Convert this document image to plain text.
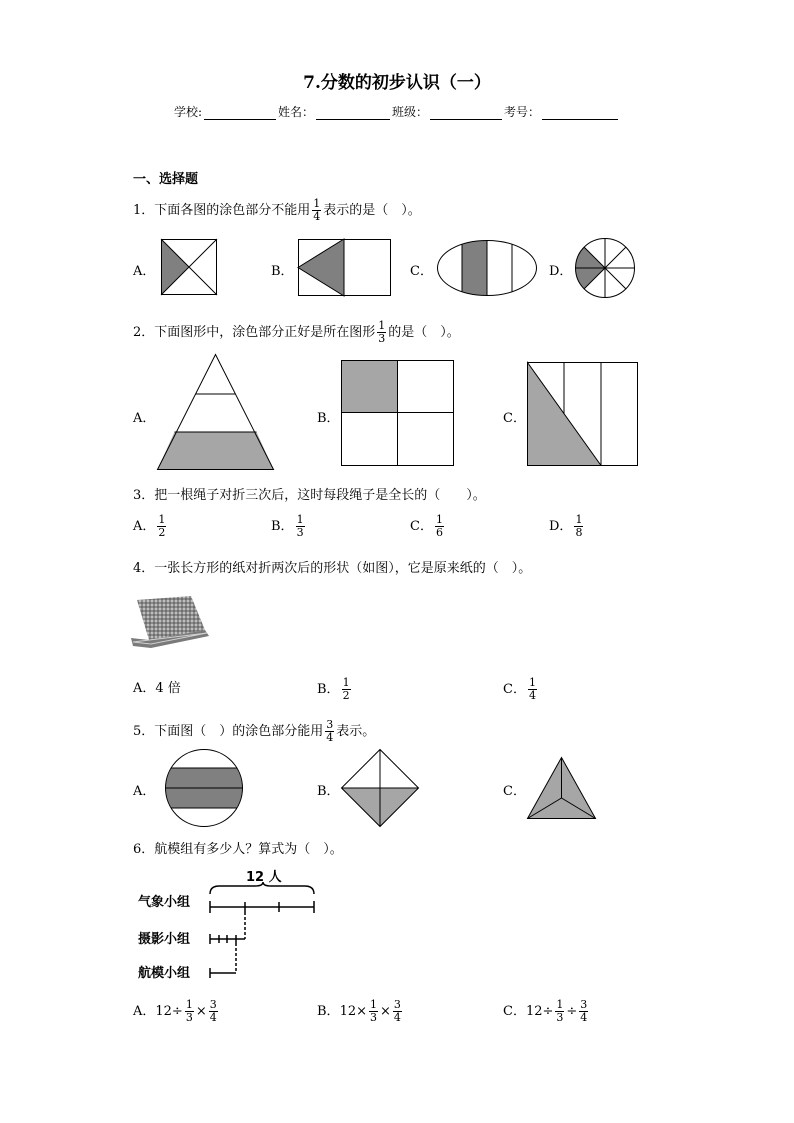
7.分数的初步认识（一）
学校:	姓名：	班级：	考号：
一、选择题
1．下面各图的涂色部分不能用 $\frac{1}{4}$ 表示的是（　）。
A．	B．	C．	D．
2．下面图形中，涂色部分正好是所在图形 $\frac{1}{3}$ 的是（　）。
A．	B．	C．
3．把一根绳子对折三次后，这时每段绳子是全长的（　　）。
A． $\frac{1}{2}$	B． $\frac{1}{3}$	C． $\frac{1}{6}$	D． $\frac{1}{8}$
4．一张长方形的纸对折两次后的形状（如图），它是原来纸的（　）。
A．4 倍	B． $\frac{1}{2}$	C． $\frac{1}{4}$
5．下面图（　）的涂色部分能用 $\frac{3}{4}$ 表示。
A．	B．	C．
6．航模组有多少人？算式为（　）。
12 人
气象小组
摄影小组
航模小组
A．$12\div \frac{1}{3} \times \frac{3}{4}$	B．$12\times \frac{1}{3} \times \frac{3}{4}$	C．$12\div \frac{1}{3} \div \frac{3}{4}$
